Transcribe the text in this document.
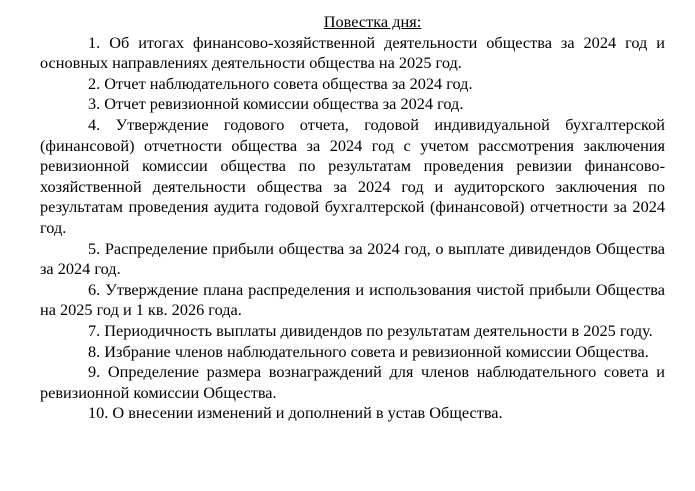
Повестка дня:

1. Об итогах финансово-хозяйственной деятельности общества за 2024 год и основных направлениях деятельности общества на 2025 год.

2. Отчет наблюдательного совета общества за 2024 год.

3. Отчет ревизионной комиссии общества за 2024 год.

4. Утверждение годового отчета, годовой индивидуальной бухгалтерской (финансовой) отчетности общества за 2024 год с учетом рассмотрения заключения ревизионной комиссии общества по результатам проведения ревизии финансово-хозяйственной деятельности общества за 2024 год и аудиторского заключения по результатам проведения аудита годовой бухгалтерской (финансовой) отчетности за 2024 год.

5. Распределение прибыли общества за 2024 год, о выплате дивидендов Общества за 2024 год.

6. Утверждение плана распределения и использования чистой прибыли Общества на 2025 год и 1 кв. 2026 года.

7. Периодичность выплаты дивидендов по результатам деятельности в 2025 году.

8. Избрание членов наблюдательного совета и ревизионной комиссии Общества.

9. Определение размера вознаграждений для членов наблюдательного совета и ревизионной комиссии Общества.

10. О внесении изменений и дополнений в устав Общества.
